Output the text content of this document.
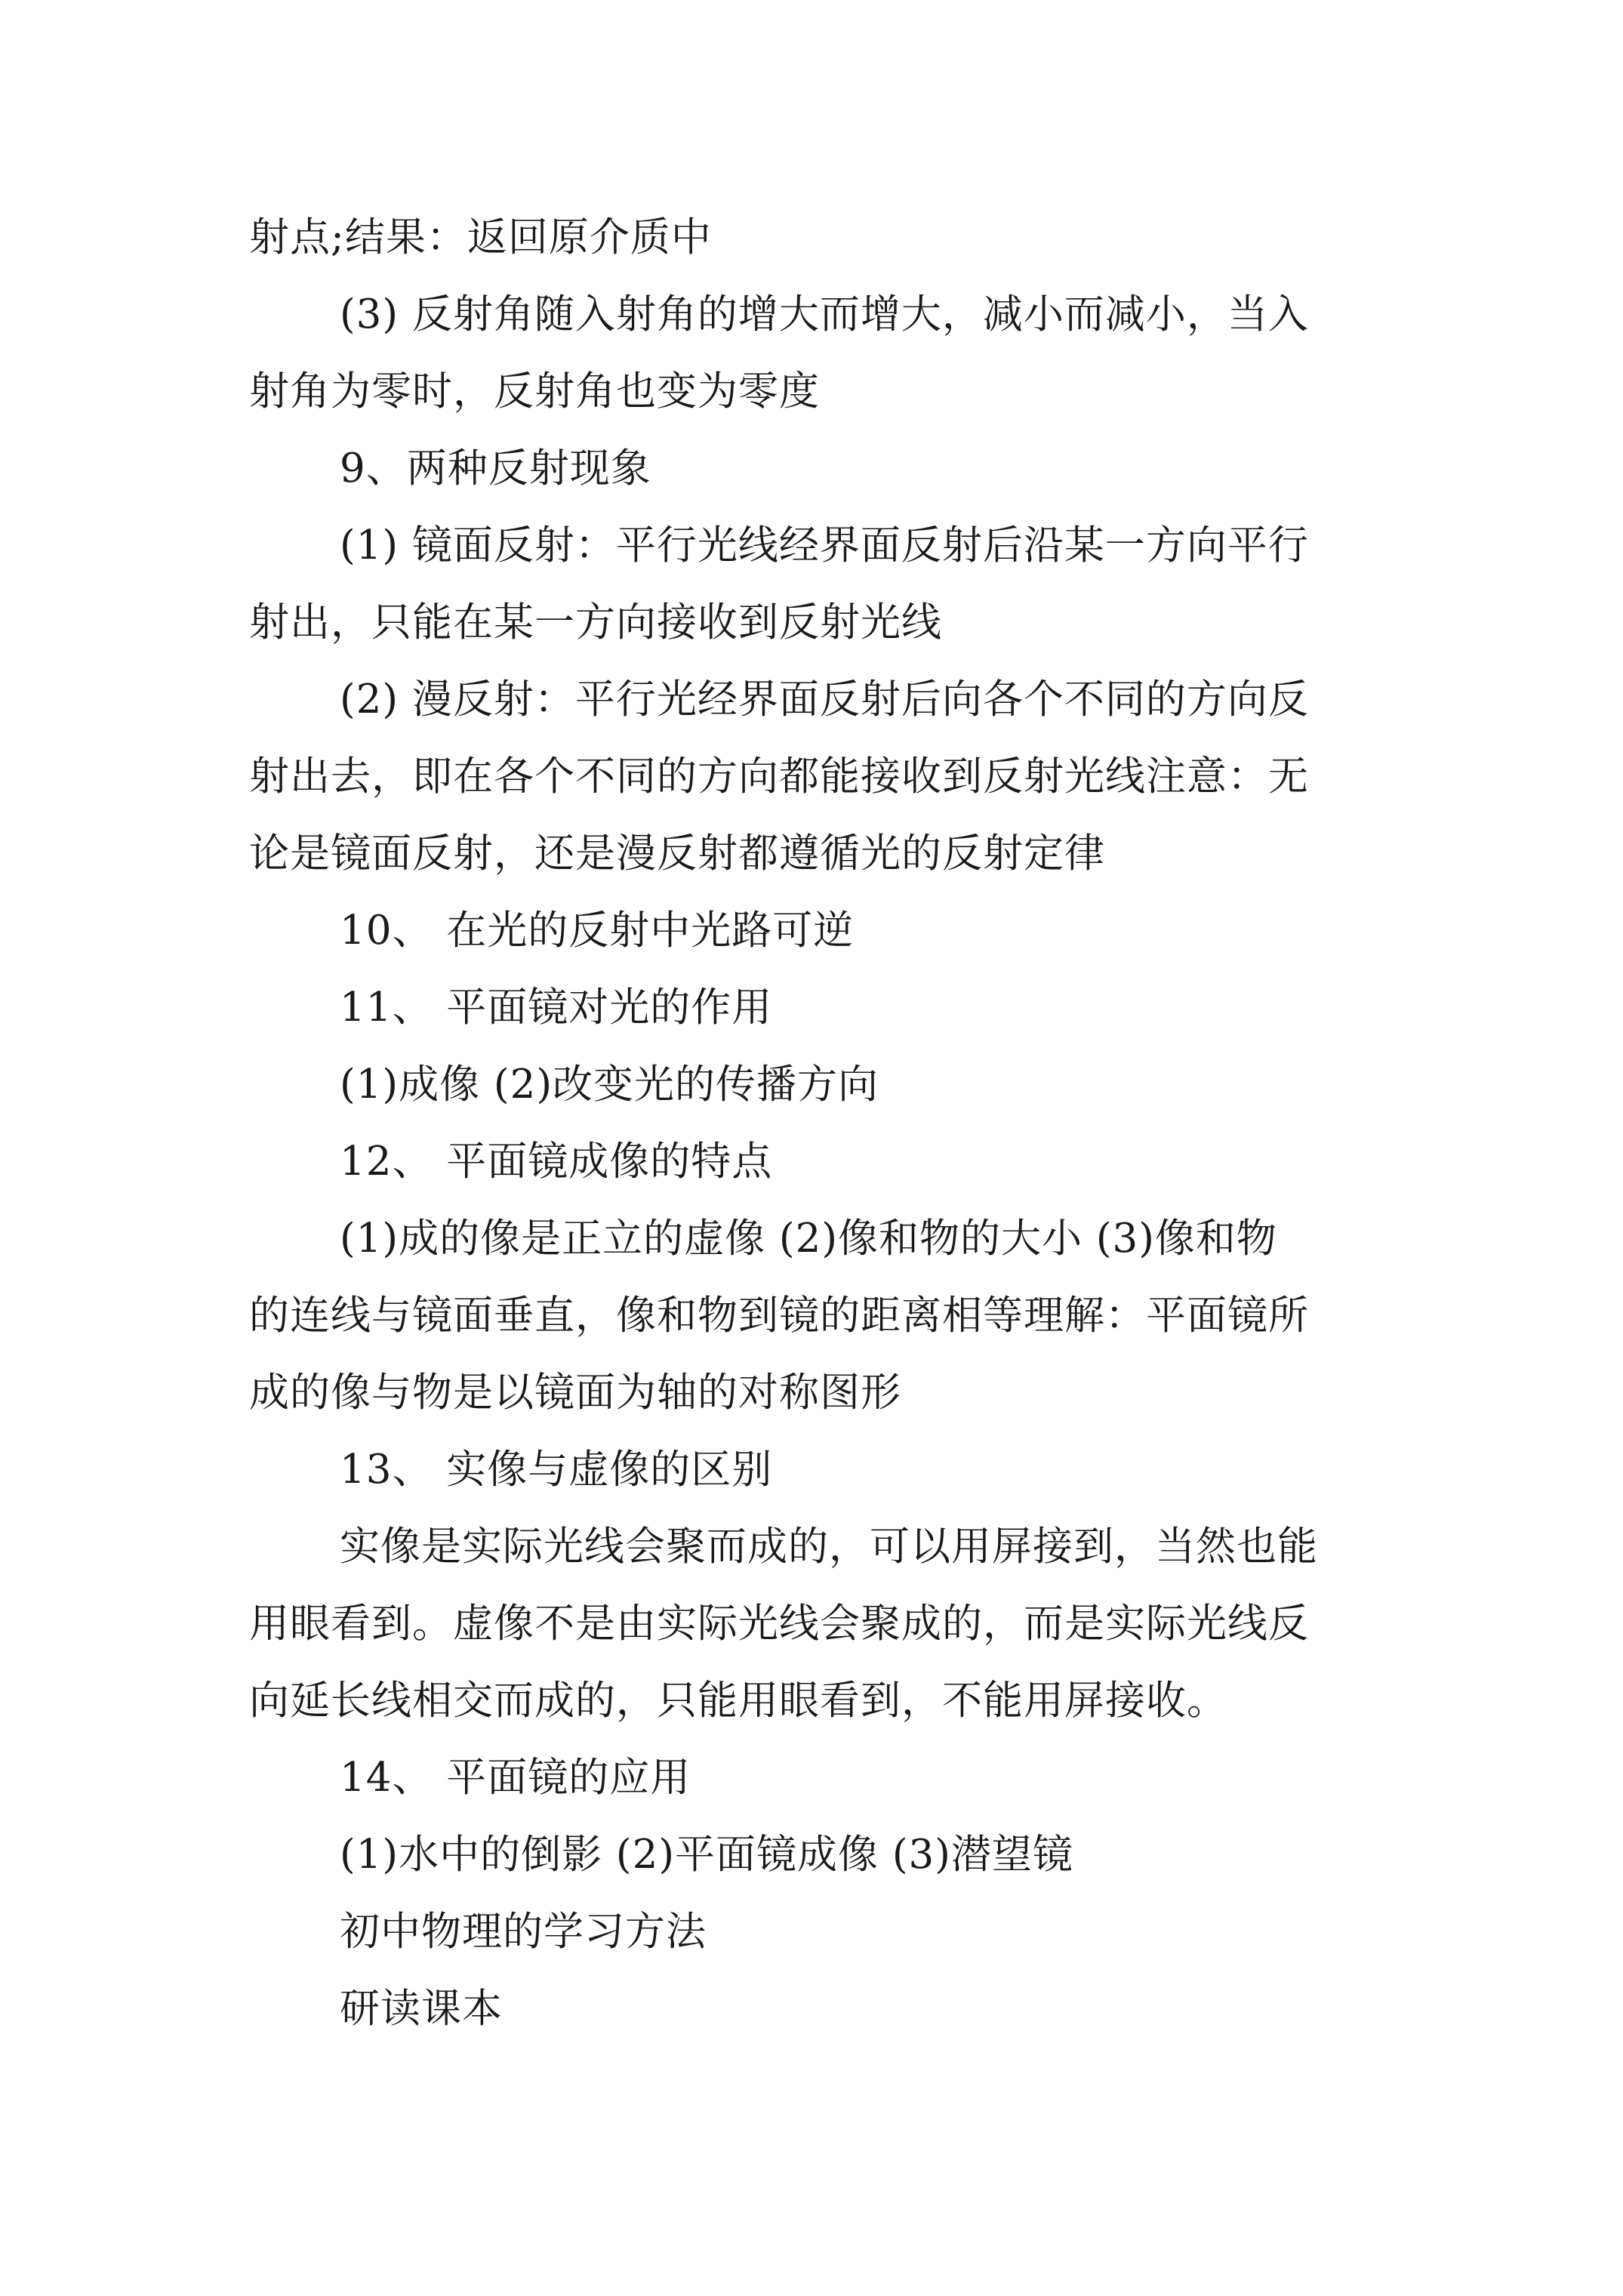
射点;结果：返回原介质中
(3) 反射角随入射角的增大而增大，减小而减小，当入
射角为零时，反射角也变为零度
9、两种反射现象
(1) 镜面反射：平行光线经界面反射后沿某一方向平行
射出，只能在某一方向接收到反射光线
(2) 漫反射：平行光经界面反射后向各个不同的方向反
射出去，即在各个不同的方向都能接收到反射光线注意：无
论是镜面反射，还是漫反射都遵循光的反射定律
10、 在光的反射中光路可逆
11、 平面镜对光的作用
(1)成像 (2)改变光的传播方向
12、 平面镜成像的特点
(1)成的像是正立的虚像 (2)像和物的大小 (3)像和物
的连线与镜面垂直，像和物到镜的距离相等理解：平面镜所
成的像与物是以镜面为轴的对称图形
13、 实像与虚像的区别
实像是实际光线会聚而成的，可以用屏接到，当然也能
用眼看到。虚像不是由实际光线会聚成的，而是实际光线反
向延长线相交而成的，只能用眼看到，不能用屏接收。
14、 平面镜的应用
(1)水中的倒影 (2)平面镜成像 (3)潜望镜
初中物理的学习方法
研读课本
